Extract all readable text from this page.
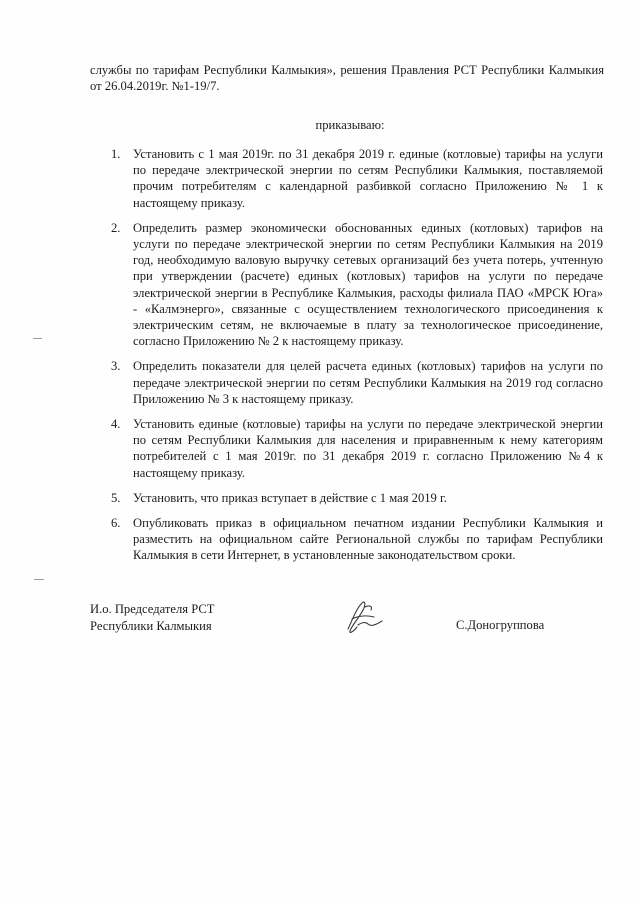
службы по тарифам Республики Калмыкия», решения Правления РСТ Республики Калмыкия от 26.04.2019г. №1-19/7.

приказываю:

1. Установить с 1 мая 2019г. по 31 декабря 2019 г. единые (котловые) тарифы на услуги по передаче электрической энергии по сетям Республики Калмыкия, поставляемой прочим потребителям с календарной разбивкой согласно Приложению № 1 к настоящему приказу.
2. Определить размер экономически обоснованных единых (котловых) тарифов на услуги по передаче электрической энергии по сетям Республики Калмыкия на 2019 год, необходимую валовую выручку сетевых организаций без учета потерь, учтенную при утверждении (расчете) единых (котловых) тарифов на услуги по передаче электрической энергии в Республике Калмыкия, расходы филиала ПАО «МРСК Юга» - «Калмэнерго», связанные с осуществлением технологического присоединения к электрическим сетям, не включаемые в плату за технологическое присоединение, согласно Приложению № 2 к настоящему приказу.
3. Определить показатели для целей расчета единых (котловых) тарифов на услуги по передаче электрической энергии по сетям Республики Калмыкия на 2019 год согласно Приложению № 3 к настоящему приказу.
4. Установить единые (котловые) тарифы на услуги по передаче электрической энергии по сетям Республики Калмыкия для населения и приравненным к нему категориям потребителей с 1 мая 2019г. по 31 декабря 2019 г. согласно Приложению №4 к настоящему приказу.
5. Установить, что приказ вступает в действие с 1 мая 2019 г.
6. Опубликовать приказ в официальном печатном издании Республики Калмыкия и разместить на официальном сайте Региональной службы по тарифам Республики Калмыкия в сети Интернет, в установленные законодательством сроки.

И.о. Председателя РСТ
Республики Калмыкия	С.Доногруппова
